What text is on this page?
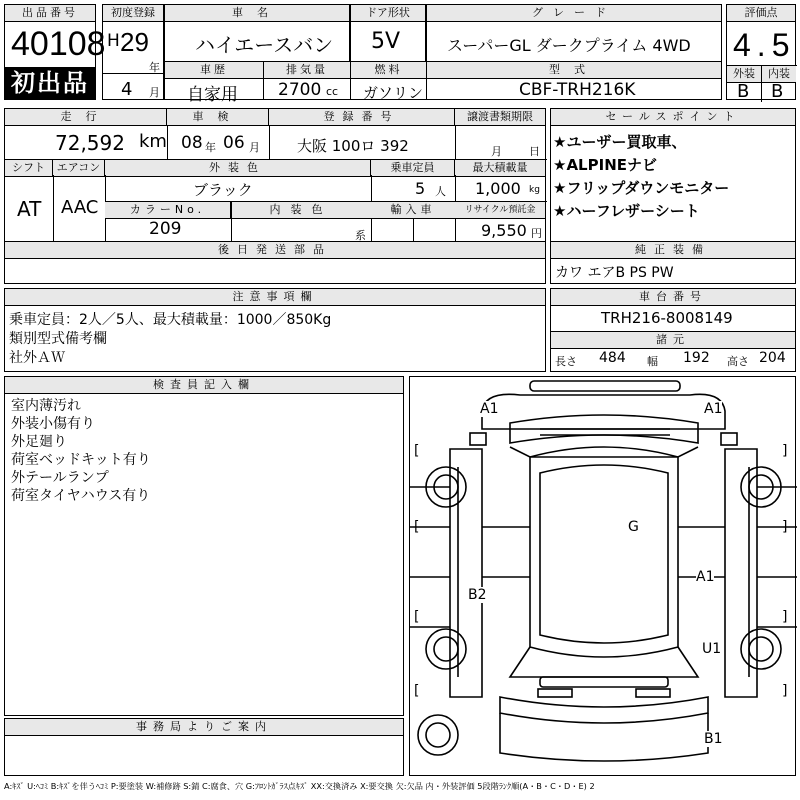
出品番号
40108
初出品
初度登録
H 29
年
4 月
車名
ハイエースバン
ドア形状
5V
グレード
スーパーGL ダークプライム 4WD
評価点
4.5
外装	内装
B B
車歴
自家用
排気量
2700 cc
燃料
ガソリン
型式
CBF-TRH216K
走行	車検	登録番号	譲渡書類期限
72,592 km 08 年 06 月 大阪 100ロ 392	月 日
シフト	エアコン	外装色	乗車定員	最大積載量
AT AAC
ブラック	5 人 1,000 kg
カラーNo.	内装色	輸入車	リサイクル預託金
209	系	9,550 円
セールスポイント
★ユーザー買取車、
★ALPINEナビ
★フリップダウンモニター
★ハーフレザーシート
後日発送部品	純正装備
カワ エアB PS PW
注意事項欄
乗車定員：2人／5人、最大積載量：1000／850Kg
類別型式備考欄
社外ＡＷ
車台番号
TRH216-8008149
諸元
長さ 484 幅 192 高さ 204
検査員記入欄
室内薄汚れ
外装小傷有り
外足廻り
荷室ベッドキット有り
外テールランプ
荷室タイヤハウス有り
事務局よりご案内
[	]
[	]
[	]
[	]
A1	A1
G
A1
B2
U1
B1
A:ｷｽﾞ U:ﾍｺﾐ B:ｷｽﾞを伴うﾍｺﾐ P:要塗装 W:補修跡 S:錆 C:腐食、穴 G:ﾌﾛﾝﾄｶﾞﾗｽ点ｷｽﾞ XX:交換済み X:要交換 欠:欠品 内・外装評価 5段階ﾗﾝｸ順(A・B・C・D・E) 2
